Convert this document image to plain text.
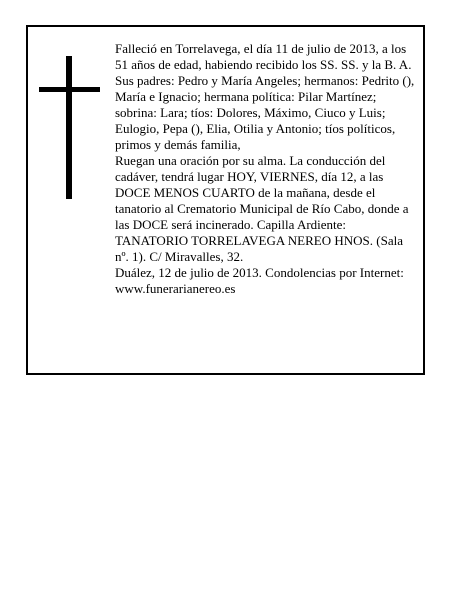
Falleció en Torrelavega, el día 11 de julio de 2013, a los 51 años de edad, habiendo recibido los SS. SS. y la B. A.

Sus padres: Pedro y María Angeles; hermanos: Pedrito (), María e Ignacio; hermana política: Pilar Martínez; sobrina: Lara; tíos: Dolores, Máximo, Ciuco y Luis; Eulogio, Pepa (), Elia, Otilia y Antonio; tíos políticos, primos y demás familia,

Ruegan una oración por su alma. La conducción del cadáver, tendrá lugar HOY, VIERNES, día 12, a las DOCE MENOS CUARTO de la mañana, desde el tanatorio al Crematorio Municipal de Río Cabo, donde a las DOCE será incinerado. Capilla Ardiente: TANATORIO TORRELAVEGA NEREO HNOS. (Sala nº. 1). C/ Miravalles, 32.

Duález, 12 de julio de 2013. Condolencias por Internet: www.funerarianereo.es
